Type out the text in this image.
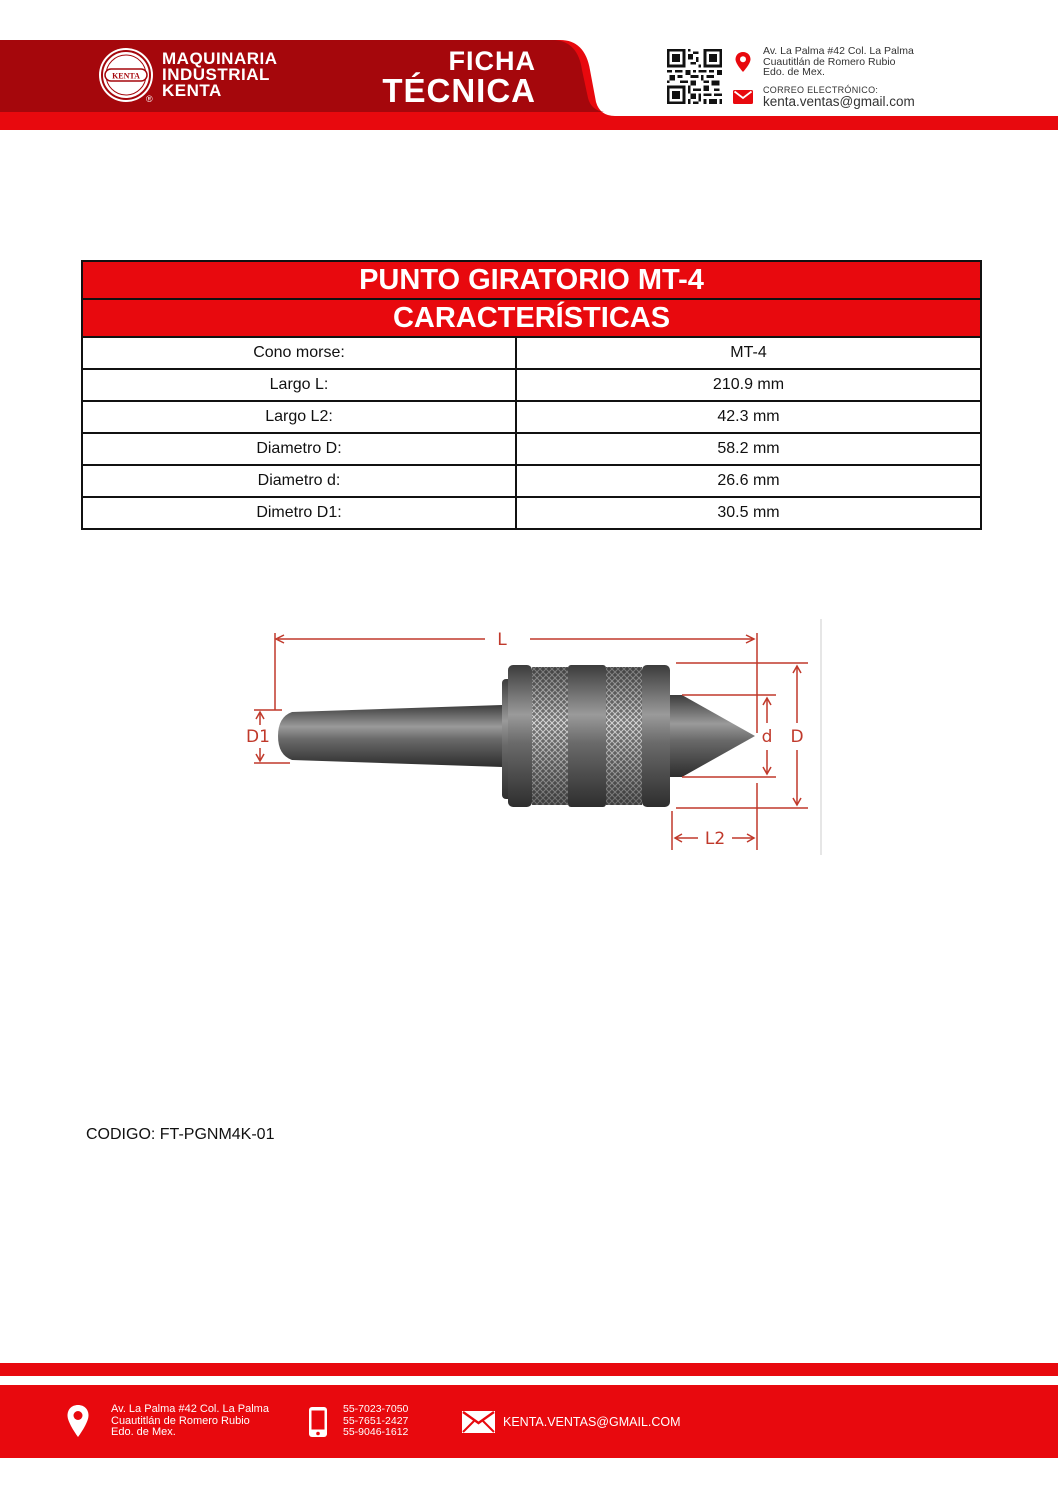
KENTA
MAQUINARIA
INDUSTRIAL
KENTA
®
FICHA
TÉCNICA
Av. La Palma #42 Col. La Palma
Cuautitlán de Romero Rubio
Edo. de Mex.
CORREO ELECTRÓNICO:
kenta.ventas@gmail.com
PUNTO GIRATORIO MT-4	
CARACTERÍSTICAS	
Cono morse:	MT-4
Largo L:	210.9 mm
Largo L2:	42.3 mm
Diametro D:	58.2 mm
Diametro d:	26.6 mm
Dimetro D1:	30.5 mm
L
D1	d D
L2
CODIGO: FT-PGNM4K-01
Av. La Palma #42 Col. La Palma
Cuautitlán de Romero Rubio
Edo. de Mex.
55-7023-7050
55-7651-2427
55-9046-1612
KENTA.VENTAS@GMAIL.COM
